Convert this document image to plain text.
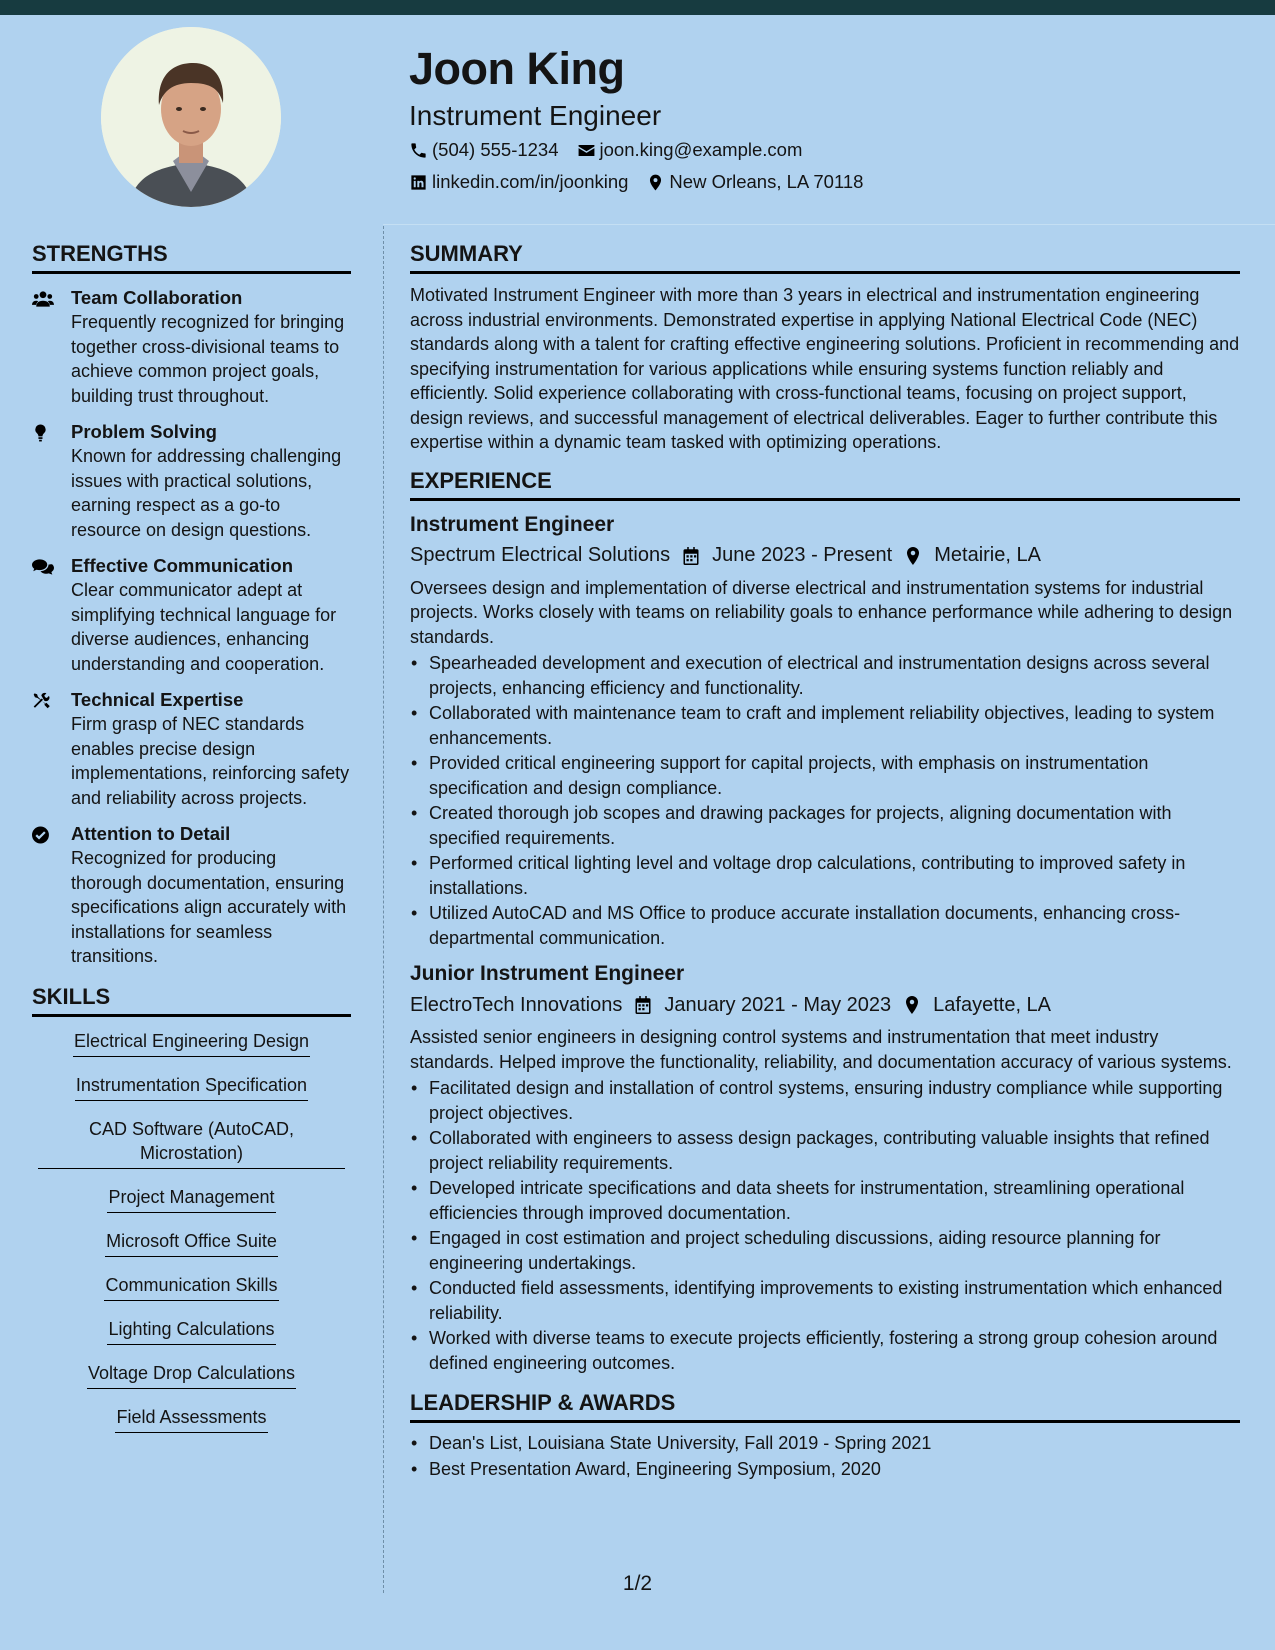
Joon King
Instrument Engineer
(504) 555-1234 joon.king@example.com
linkedin.com/in/joonking New Orleans, LA 70118
STRENGTHS
Team Collaboration
Frequently recognized for bringing together cross-divisional teams to achieve common project goals, building trust throughout.
Problem Solving
Known for addressing challenging issues with practical solutions, earning respect as a go-to resource on design questions.
Effective Communication
Clear communicator adept at simplifying technical language for diverse audiences, enhancing understanding and cooperation.
Technical Expertise
Firm grasp of NEC standards enables precise design implementations, reinforcing safety and reliability across projects.
Attention to Detail
Recognized for producing thorough documentation, ensuring specifications align accurately with installations for seamless transitions.
SKILLS
Electrical Engineering Design
Instrumentation Specification
CAD Software (AutoCAD, Microstation)
Project Management
Microsoft Office Suite
Communication Skills
Lighting Calculations
Voltage Drop Calculations
Field Assessments
SUMMARY

Motivated Instrument Engineer with more than 3 years in electrical and instrumentation engineering across industrial environments. Demonstrated expertise in applying National Electrical Code (NEC) standards along with a talent for crafting effective engineering solutions. Proficient in recommending and specifying instrumentation for various applications while ensuring systems function reliably and efficiently. Solid experience collaborating with cross-functional teams, focusing on project support, design reviews, and successful management of electrical deliverables. Eager to further contribute this expertise within a dynamic team tasked with optimizing operations.

EXPERIENCE
Instrument Engineer
Spectrum Electrical Solutions June 2023 - Present Metairie, LA

Oversees design and implementation of diverse electrical and instrumentation systems for industrial projects. Works closely with teams on reliability goals to enhance performance while adhering to design standards.

• Spearheaded development and execution of electrical and instrumentation designs across several projects, enhancing efficiency and functionality.
• Collaborated with maintenance team to craft and implement reliability objectives, leading to system enhancements.
• Provided critical engineering support for capital projects, with emphasis on instrumentation specification and design compliance.
• Created thorough job scopes and drawing packages for projects, aligning documentation with specified requirements.
• Performed critical lighting level and voltage drop calculations, contributing to improved safety in installations.
• Utilized AutoCAD and MS Office to produce accurate installation documents, enhancing cross-departmental communication.
Junior Instrument Engineer
ElectroTech Innovations January 2021 - May 2023 Lafayette, LA

Assisted senior engineers in designing control systems and instrumentation that meet industry standards. Helped improve the functionality, reliability, and documentation accuracy of various systems.

• Facilitated design and installation of control systems, ensuring industry compliance while supporting project objectives.
• Collaborated with engineers to assess design packages, contributing valuable insights that refined project reliability requirements.
• Developed intricate specifications and data sheets for instrumentation, streamlining operational efficiencies through improved documentation.
• Engaged in cost estimation and project scheduling discussions, aiding resource planning for engineering undertakings.
• Conducted field assessments, identifying improvements to existing instrumentation which enhanced reliability.
• Worked with diverse teams to execute projects efficiently, fostering a strong group cohesion around defined engineering outcomes.
LEADERSHIP & AWARDS
• Dean's List, Louisiana State University, Fall 2019 - Spring 2021
• Best Presentation Award, Engineering Symposium, 2020
1/2
